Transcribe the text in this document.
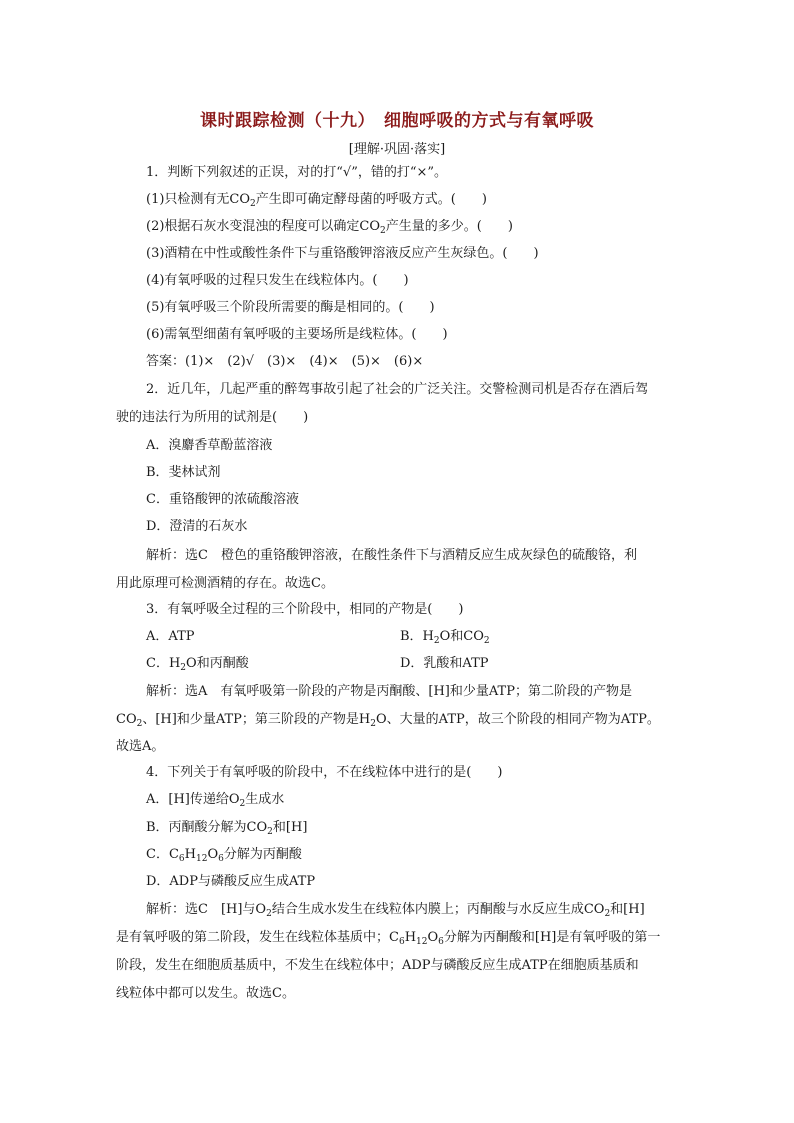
课时跟踪检测（十九）　细胞呼吸的方式与有氧呼吸
[理解·巩固·落实]
1．判断下列叙述的正误，对的打“√”，错的打“×”。
(1)只检测有无$CO_2$产生即可确定酵母菌的呼吸方式。(　　)
(2)根据石灰水变混浊的程度可以确定$CO_2$产生量的多少。(　　)
(3)酒精在中性或酸性条件下与重铬酸钾溶液反应产生灰绿色。(　　)
(4)有氧呼吸的过程只发生在线粒体内。(　　)
(5)有氧呼吸三个阶段所需要的酶是相同的。(　　)
(6)需氧型细菌有氧呼吸的主要场所是线粒体。(　　)
答案：(1)×　(2)√　(3)×　(4)×　(5)×　(6)×
2．近几年，几起严重的醉驾事故引起了社会的广泛关注。交警检测司机是否存在酒后驾
驶的违法行为所用的试剂是(　　)
A．溴麝香草酚蓝溶液
B．斐林试剂
C．重铬酸钾的浓硫酸溶液
D．澄清的石灰水
解析：选C　橙色的重铬酸钾溶液，在酸性条件下与酒精反应生成灰绿色的硫酸铬，利
用此原理可检测酒精的存在。故选C。
3．有氧呼吸全过程的三个阶段中，相同的产物是(　　)
A．ATP	B．$H_2O$和$CO_2$
C．$H_2O$和丙酮酸	D．乳酸和ATP
解析：选A　有氧呼吸第一阶段的产物是丙酮酸、[H]和少量ATP；第二阶段的产物是
$CO_2$、[H]和少量ATP；第三阶段的产物是$H_2O$、大量的ATP，故三个阶段的相同产物为ATP。
故选A。
4．下列关于有氧呼吸的阶段中，不在线粒体中进行的是(　　)
A．[H]传递给$O_2$生成水
B．丙酮酸分解为$CO_2$和[H]
C．$C_6H_{12}O_6$分解为丙酮酸
D．ADP与磷酸反应生成ATP
解析：选C　[H]与$O_2$结合生成水发生在线粒体内膜上；丙酮酸与水反应生成$CO_2$和[H]
是有氧呼吸的第二阶段，发生在线粒体基质中；$C_6H_{12}O_6$分解为丙酮酸和[H]是有氧呼吸的第一
阶段，发生在细胞质基质中，不发生在线粒体中；ADP与磷酸反应生成ATP在细胞质基质和
线粒体中都可以发生。故选C。
